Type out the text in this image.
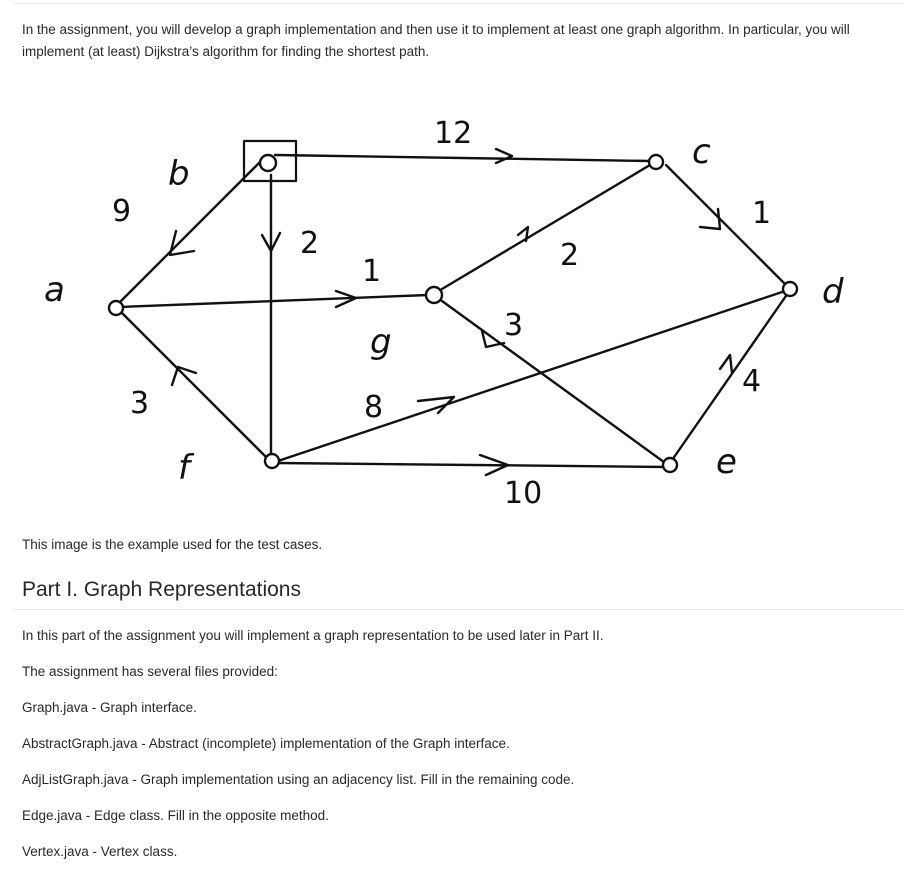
In the assignment, you will develop a graph implementation and then use it to implement at least one graph algorithm. In particular, you will implement (at least) Dijkstra’s algorithm for finding the shortest path.

a
b
c
d
e
f
g
9
12
2
1	2
1
3
3	8
10
4

This image is the example used for the test cases.

Part I. Graph Representations

In this part of the assignment you will implement a graph representation to be used later in Part II.

The assignment has several files provided:

Graph.java - Graph interface.

AbstractGraph.java - Abstract (incomplete) implementation of the Graph interface.

AdjListGraph.java - Graph implementation using an adjacency list. Fill in the remaining code.

Edge.java - Edge class. Fill in the opposite method.

Vertex.java - Vertex class.
